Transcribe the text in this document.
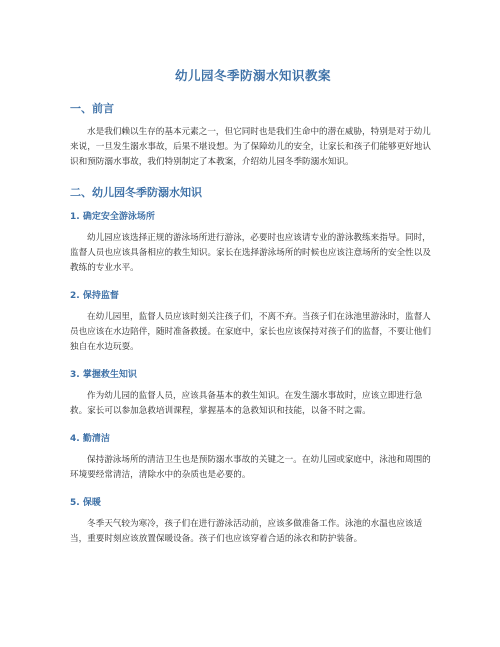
幼儿园冬季防溺水知识教案
一、前言

水是我们赖以生存的基本元素之一，但它同时也是我们生命中的潜在威胁，特别是对于幼儿来说，一旦发生溺水事故，后果不堪设想。为了保障幼儿的安全，让家长和孩子们能够更好地认识和预防溺水事故，我们特别制定了本教案，介绍幼儿园冬季防溺水知识。

二、幼儿园冬季防溺水知识
1. 确定安全游泳场所

幼儿园应该选择正规的游泳场所进行游泳，必要时也应该请专业的游泳教练来指导。同时，监督人员也应该具备相应的救生知识。家长在选择游泳场所的时候也应该注意场所的安全性以及教练的专业水平。

2. 保持监督

在幼儿园里，监督人员应该时刻关注孩子们，不离不弃。当孩子们在泳池里游泳时，监督人员也应该在水边陪伴，随时准备救援。在家庭中，家长也应该保持对孩子们的监督，不要让他们独自在水边玩耍。

3. 掌握救生知识

作为幼儿园的监督人员，应该具备基本的救生知识。在发生溺水事故时，应该立即进行急救。家长可以参加急救培训课程，掌握基本的急救知识和技能，以备不时之需。

4. 勤清洁

保持游泳场所的清洁卫生也是预防溺水事故的关键之一。在幼儿园或家庭中，泳池和周围的环境要经常清洁，清除水中的杂质也是必要的。

5. 保暖

冬季天气较为寒冷，孩子们在进行游泳活动前，应该多做准备工作。泳池的水温也应该适当，重要时刻应该放置保暖设备。孩子们也应该穿着合适的泳衣和防护装备。
